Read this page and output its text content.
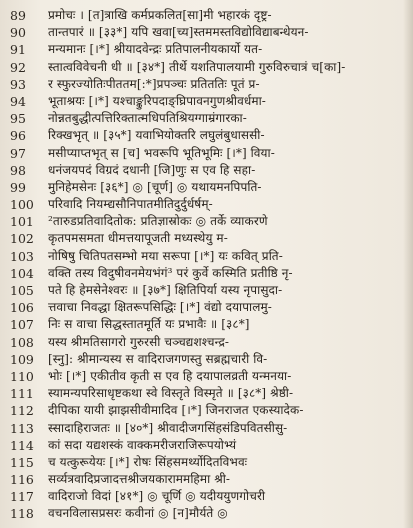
89	प्रमोचः । [त]त्राखि कर्मप्रकलित[सा]मी भहारकं दृष्ट्र-
90	तान्तपारं ॥ [३३*] यपि खवा[च्य]स्तममस्तविद्योविद्याबन्धेयन-
91	मन्यमानः [।*] श्रीयादवेन्द्रः प्रतिपालनीयकार्यो यत-
92	स्तात्वविवेचनी धी ॥ [३४*] तीर्थे यशतिपालयामी गुरुविरुचात्रं च[का]-
93	र स्फुरज्योतिःपीततम[:*]प्रपञ्चः प्रतिततिः पूतं प्र-
94	भूताश्रयः [।*] यश्चाङ्कुरिपदाङ्घ्रिपावनगुणश्रीवर्धमा-
95	नोन्नतबुद्धीत्पत्तिरिक्तात्मधिपतिश्रियग्गाम्रंगारका-
96	रिक्खभृत् ॥ [३५*] यवाभियोक्तरि लघुलंबुधाससी-
97	मसीप्याप्तभृत्‌ स [च] भवरूपि भूतिभूमिः [।*] विया-
98	धनंजयपदं विग्रदं दधानी [जि]णुः स एव हि सहा-
99	मुनिहेमसेनः [३६*] ◎ [चूर्ण] ◎ यथायमनपिपति-
100	परिवादि नियम्द्यसौनिपातमीतिदुर्दुर्धर्षम्-
101	²तारुडप्रतिवादितोक: प्रतिज्ञास्रोकः ◎ तर्के व्याकरणे
102	कृतपमसमता धीमत्तयापूजती मध्यस्थेयु म-
103	नोषिषु चितिपतसम्भो मया सरूपा [।*] यः कवित् प्रति-
104	वक्ति तस्य विदुषीवनमेयभंगं³ परं कुर्वे कस्मिति प्रतीष्ठि नृ-
105	पते हि हेमसेनेश्वरः ॥ [३७*] क्षितिपिर्या यस्य नृपासुदा-
106	त्तवाचा निवद्धा क्षितरूपसिद्धिः [।*] वंद्यो दयापालमु-
107	निः स वाचा सिद्धस्तातमूर्ति यः प्रभावैः ॥ [३८*]
108	यस्य श्रीमतिसागरो गुरुरसी चञ्चद्यशश्चन्द्र-
109	[स्नु]: श्रीमान्यस्य स वादिराजगणस्तु सब्रह्मचारी वि-
110	भोः [।*] एकीतीव कृती स एव हि दयापालव्रती यन्मनया-
111	स्यामन्यपरिसाधृष्टकथा स्वे विस्तृते विस्मृते ॥ [३८*] श्रेष्ठी-
112	दीपिका यायी झाझसीवीमादिव [।*] जिनराजत एकस्यादेक-
113	स्सादाहिराजतः ॥ [४०*] श्रीवादीजगसिंहसंडिपवितसीसु-
114	कां सदा यद्यशस्कं वाक्कमरीजराजिरूपयोभ्यं
115	च यत्कुरूयेयः [।*] रोषः सिंहसमर्थ्योदितविभवः
116	सर्व्यत्रवादिप्रजादत्तश्रीजयकाराममहिमा श्री-
117	वादिराजो विदां [४१*] ◎ चूर्णि ◎ यदीययुणगोचरी
118	वचनविलासप्रसरः कवीनां ◎ [न]मौर्यते ◎
